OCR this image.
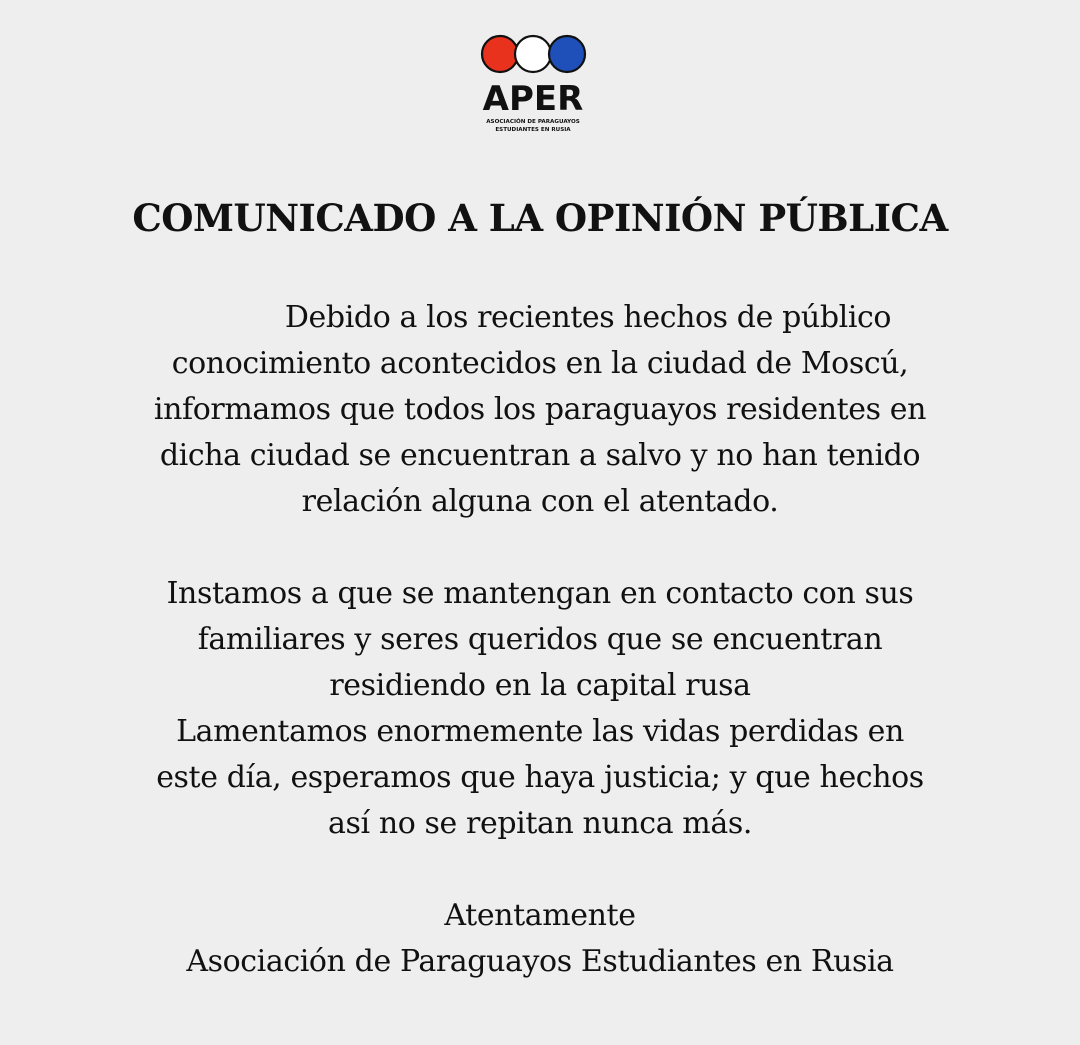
APER
ASOCIACIÓN DE PARAGUAYOS
ESTUDIANTES EN RUSIA
COMUNICADO A LA OPINIÓN PÚBLICA
Debido a los recientes hechos de público
conocimiento acontecidos en la ciudad de Moscú,
informamos que todos los paraguayos residentes en
dicha ciudad se encuentran a salvo y no han tenido
relación alguna con el atentado.
Instamos a que se mantengan en contacto con sus
familiares y seres queridos que se encuentran
residiendo en la capital rusa
Lamentamos enormemente las vidas perdidas en
este día, esperamos que haya justicia; y que hechos
así no se repitan nunca más.
Atentamente
Asociación de Paraguayos Estudiantes en Rusia
